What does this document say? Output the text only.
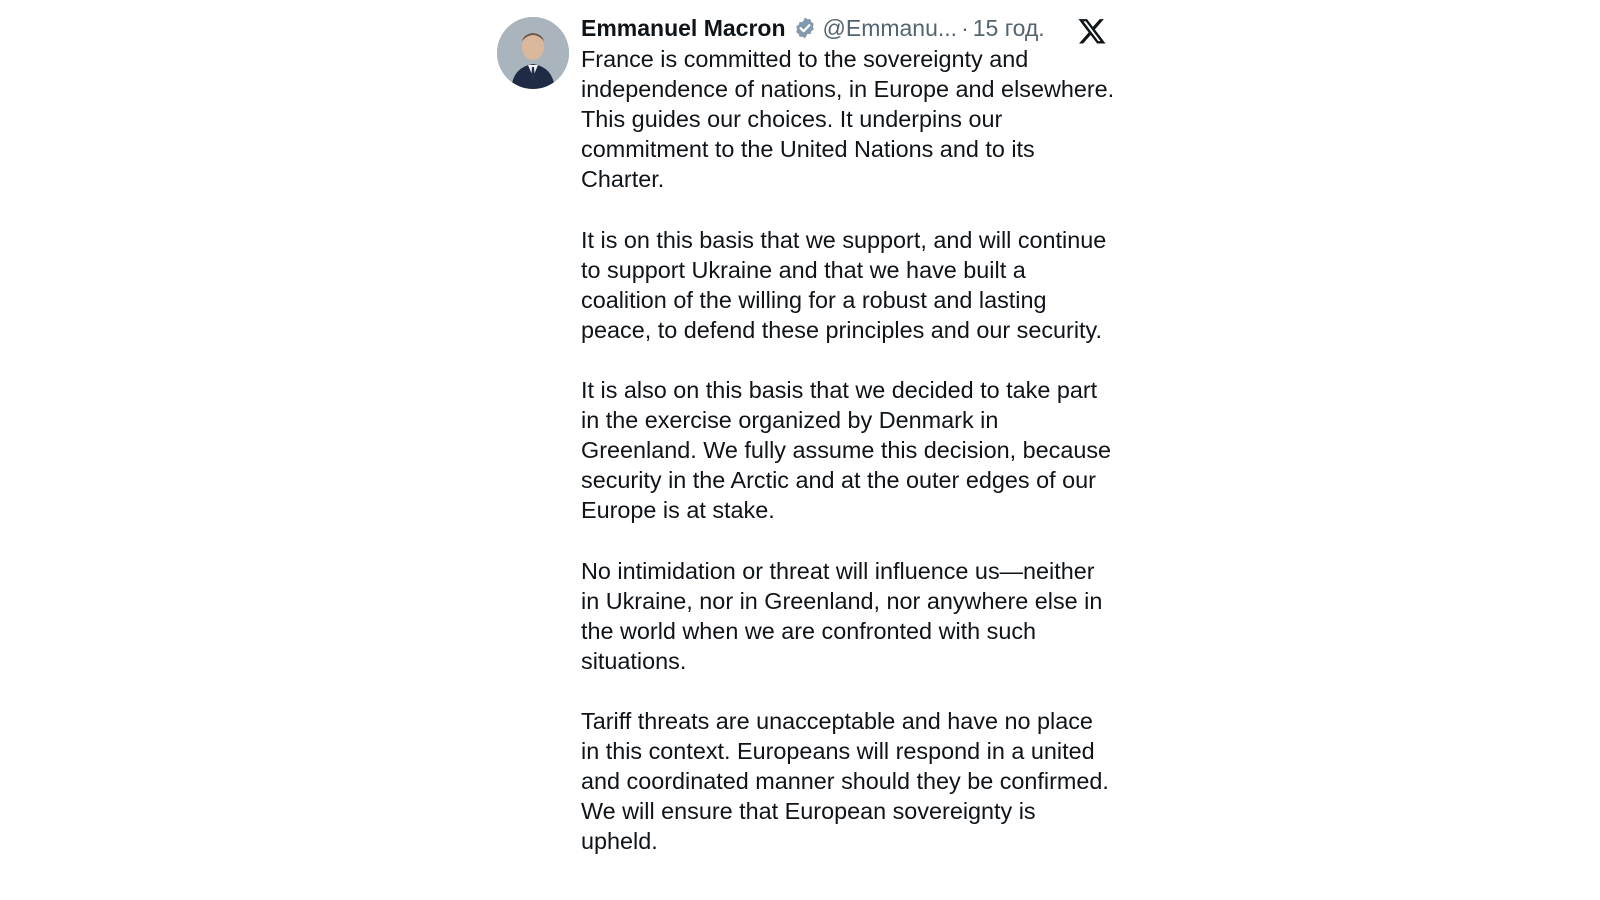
Emmanuel Macron @Emmanu... · 15 год.

France is committed to the sovereignty and independence of nations, in Europe and elsewhere. This guides our choices. It underpins our commitment to the United Nations and to its Charter.

It is on this basis that we support, and will continue to support Ukraine and that we have built a coalition of the willing for a robust and lasting peace, to defend these principles and our security.

It is also on this basis that we decided to take part in the exercise organized by Denmark in Greenland. We fully assume this decision, because security in the Arctic and at the outer edges of our Europe is at stake.

No intimidation or threat will influence us—neither in Ukraine, nor in Greenland, nor anywhere else in the world when we are confronted with such situations.

Tariff threats are unacceptable and have no place in this context. Europeans will respond in a united and coordinated manner should they be confirmed. We will ensure that European sovereignty is upheld.
